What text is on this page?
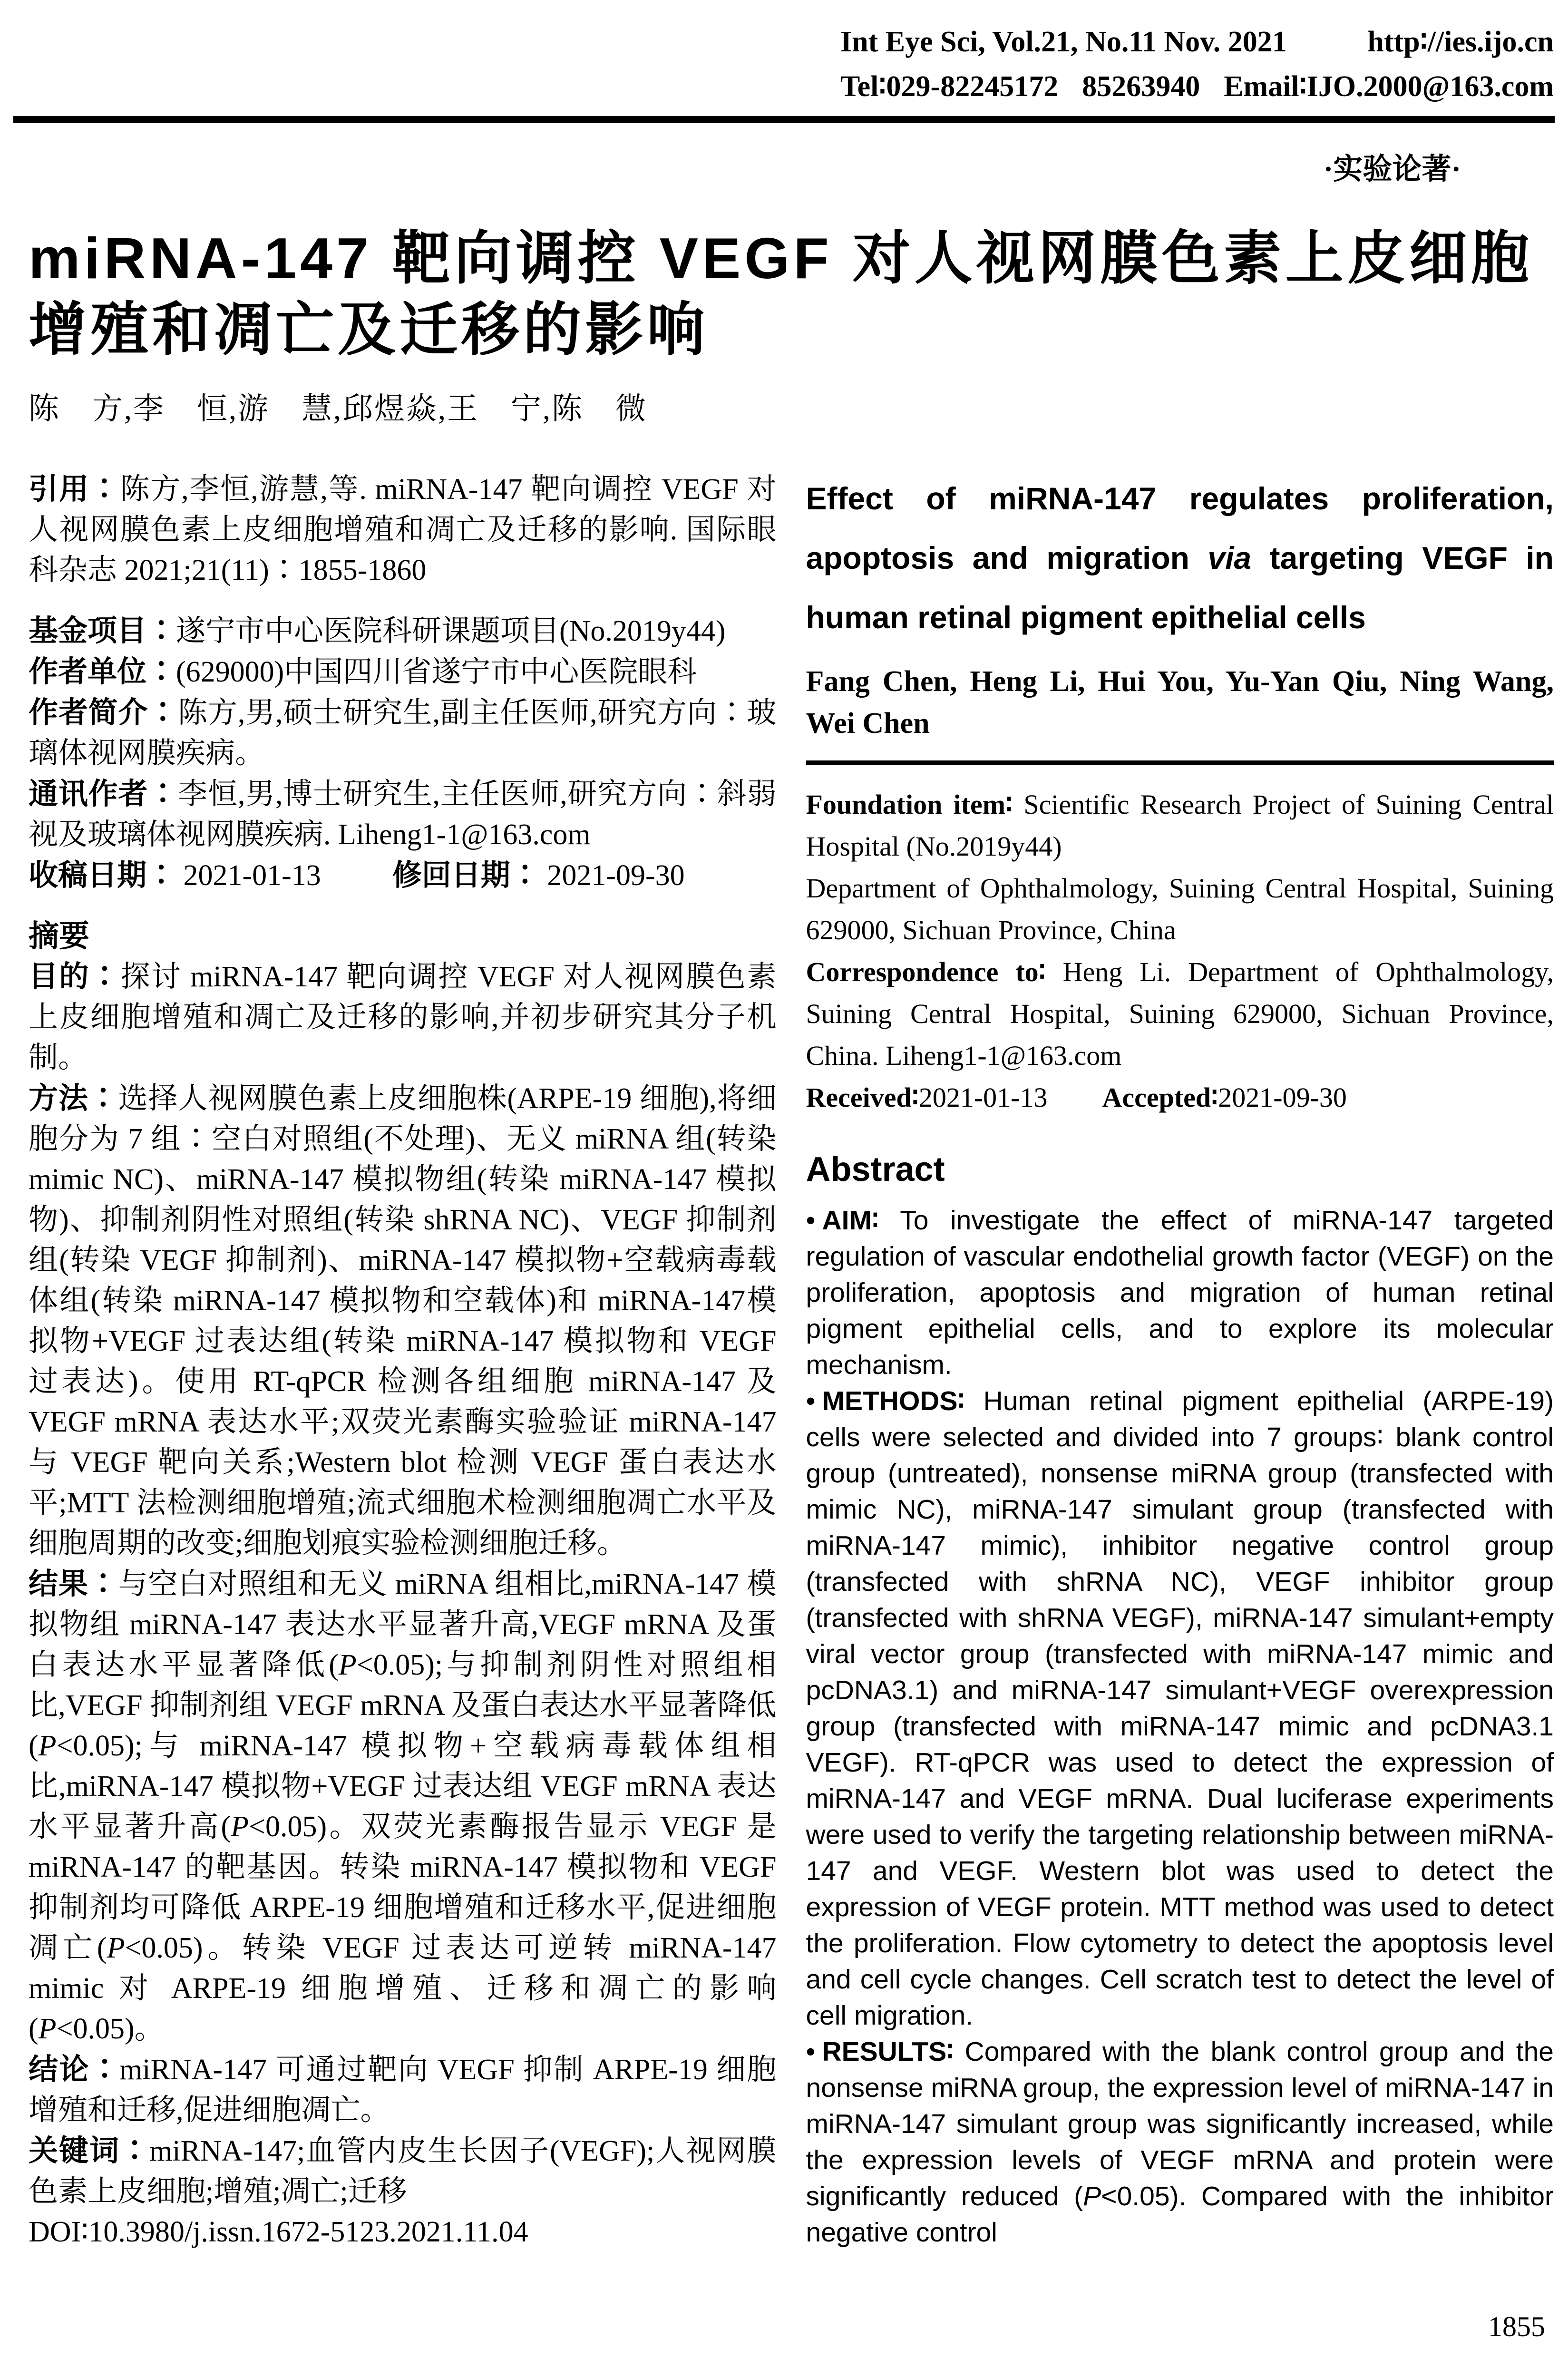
Int Eye Sci, Vol.21, No.11 Nov. 2021	http∶//ies.ijo.cn
Tel∶029-82245172 85263940 Email∶IJO.2000@163.com
·实验论著·
miRNA-147 靶向调控 VEGF 对人视网膜色素上皮细胞
增殖和凋亡及迁移的影响
陈　方,李　恒,游　慧,邱煜焱,王　宁,陈　微

引用∶陈方,李恒,游慧,等. miRNA-147 靶向调控 VEGF 对人视网膜色素上皮细胞增殖和凋亡及迁移的影响. 国际眼科杂志 2021;21(11)∶1855-1860

基金项目∶遂宁市中心医院科研课题项目(No.2019y44)

作者单位∶(629000)中国四川省遂宁市中心医院眼科

作者简介∶陈方,男,硕士研究生,副主任医师,研究方向∶玻璃体视网膜疾病。

通讯作者∶李恒,男,博士研究生,主任医师,研究方向∶斜弱视及玻璃体视网膜疾病. Liheng1-1@163.com

收稿日期∶ 2021-01-13 修回日期∶ 2021-09-30

摘要

目的∶探讨 miRNA-147 靶向调控 VEGF 对人视网膜色素上皮细胞增殖和凋亡及迁移的影响,并初步研究其分子机制。

方法∶选择人视网膜色素上皮细胞株(ARPE-19 细胞),将细胞分为 7 组∶空白对照组(不处理)、无义 miRNA 组(转染 mimic NC)、miRNA-147 模拟物组(转染 miRNA-147 模拟物)、抑制剂阴性对照组(转染 shRNA NC)、VEGF 抑制剂组(转染 VEGF 抑制剂)、miRNA-147 模拟物+空载病毒载体组(转染 miRNA-147 模拟物和空载体)和 miRNA-147模拟物+VEGF 过表达组(转染 miRNA-147 模拟物和 VEGF 过表达)。使用 RT-qPCR 检测各组细胞 miRNA-147 及 VEGF mRNA 表达水平;双荧光素酶实验验证 miRNA-147 与 VEGF 靶向关系;Western blot 检测 VEGF 蛋白表达水平;MTT 法检测细胞增殖;流式细胞术检测细胞凋亡水平及细胞周期的改变;细胞划痕实验检测细胞迁移。

结果∶与空白对照组和无义 miRNA 组相比,miRNA-147 模拟物组 miRNA-147 表达水平显著升高,VEGF mRNA 及蛋白表达水平显著降低(P<0.05);与抑制剂阴性对照组相比,VEGF 抑制剂组 VEGF mRNA 及蛋白表达水平显著降低(P<0.05);与 miRNA-147 模拟物+空载病毒载体组相比,miRNA-147 模拟物+VEGF 过表达组 VEGF mRNA 表达水平显著升高(P<0.05)。双荧光素酶报告显示 VEGF 是 miRNA-147 的靶基因。转染 miRNA-147 模拟物和 VEGF 抑制剂均可降低 ARPE-19 细胞增殖和迁移水平,促进细胞凋亡(P<0.05)。转染 VEGF 过表达可逆转 miRNA-147 mimic 对 ARPE-19 细胞增殖、迁移和凋亡的影响(P<0.05)。

结论∶miRNA-147 可通过靶向 VEGF 抑制 ARPE-19 细胞增殖和迁移,促进细胞凋亡。

关键词∶miRNA-147;血管内皮生长因子(VEGF);人视网膜色素上皮细胞;增殖;凋亡;迁移

DOI∶10.3980/j.issn.1672-5123.2021.11.04

Effect of miRNA-147 regulates proliferation, apoptosis and migration via targeting VEGF in human retinal pigment epithelial cells
Fang Chen, Heng Li, Hui You, Yu-Yan Qiu, Ning Wang, Wei Chen

Foundation item∶ Scientific Research Project of Suining Central Hospital (No.2019y44)

Department of Ophthalmology, Suining Central Hospital, Suining 629000, Sichuan Province, China

Correspondence to∶ Heng Li. Department of Ophthalmology, Suining Central Hospital, Suining 629000, Sichuan Province, China. Liheng1-1@163.com

Received∶2021-01-13 Accepted∶2021-09-30

Abstract

• AIM∶ To investigate the effect of miRNA-147 targeted regulation of vascular endothelial growth factor (VEGF) on the proliferation, apoptosis and migration of human retinal pigment epithelial cells, and to explore its molecular mechanism.

• METHODS∶ Human retinal pigment epithelial (ARPE-19) cells were selected and divided into 7 groups∶ blank control group (untreated), nonsense miRNA group (transfected with mimic NC), miRNA-147 simulant group (transfected with miRNA-147 mimic), inhibitor negative control group (transfected with shRNA NC), VEGF inhibitor group (transfected with shRNA VEGF), miRNA-147 simulant+empty viral vector group (transfected with miRNA-147 mimic and pcDNA3.1) and miRNA-147 simulant+VEGF overexpression group (transfected with miRNA-147 mimic and pcDNA3.1 VEGF). RT-qPCR was used to detect the expression of miRNA-147 and VEGF mRNA. Dual luciferase experiments were used to verify the targeting relationship between miRNA-147 and VEGF. Western blot was used to detect the expression of VEGF protein. MTT method was used to detect the proliferation. Flow cytometry to detect the apoptosis level and cell cycle changes. Cell scratch test to detect the level of cell migration.

• RESULTS∶ Compared with the blank control group and the nonsense miRNA group, the expression level of miRNA-147 in miRNA-147 simulant group was significantly increased, while the expression levels of VEGF mRNA and protein were significantly reduced (P<0.05). Compared with the inhibitor negative control

1855
